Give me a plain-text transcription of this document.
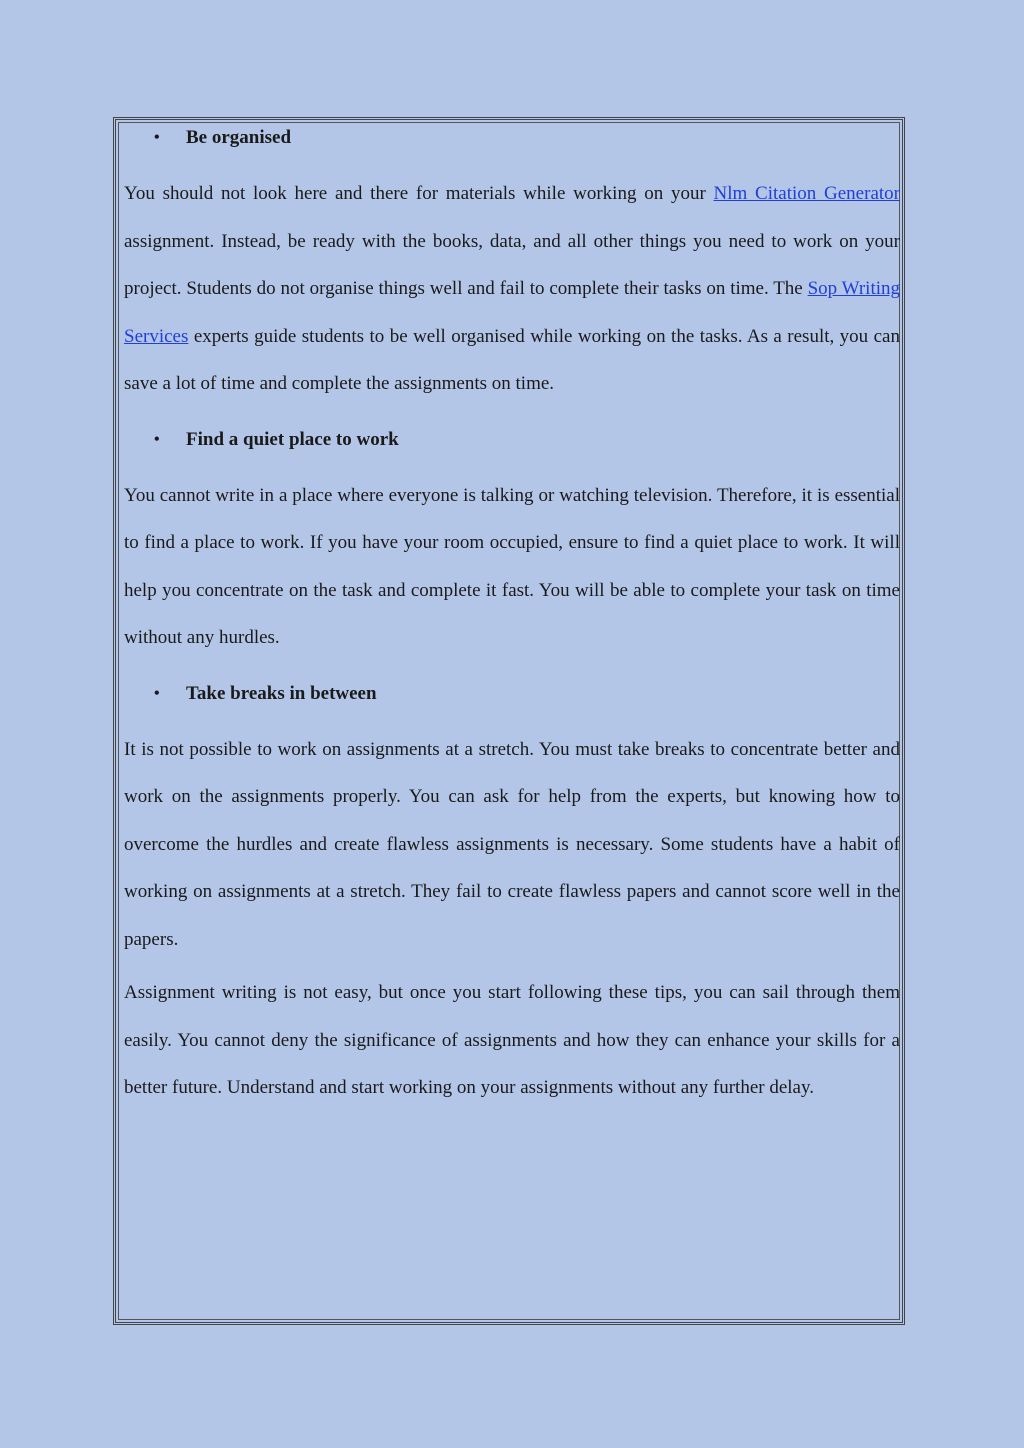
•	Be organised

You should not look here and there for materials while working on your Nlm Citation Generator assignment. Instead, be ready with the books, data, and all other things you need to work on your project. Students do not organise things well and fail to complete their tasks on time. The Sop Writing Services experts guide students to be well organised while working on the tasks. As a result, you can save a lot of time and complete the assignments on time.

•	Find a quiet place to work

You cannot write in a place where everyone is talking or watching television. Therefore, it is essential to find a place to work. If you have your room occupied, ensure to find a quiet place to work. It will help you concentrate on the task and complete it fast. You will be able to complete your task on time without any hurdles.

•	Take breaks in between

It is not possible to work on assignments at a stretch. You must take breaks to concentrate better and work on the assignments properly. You can ask for help from the experts, but knowing how to overcome the hurdles and create flawless assignments is necessary. Some students have a habit of working on assignments at a stretch. They fail to create flawless papers and cannot score well in the papers.

Assignment writing is not easy, but once you start following these tips, you can sail through them easily. You cannot deny the significance of assignments and how they can enhance your skills for a better future. Understand and start working on your assignments without any further delay.
